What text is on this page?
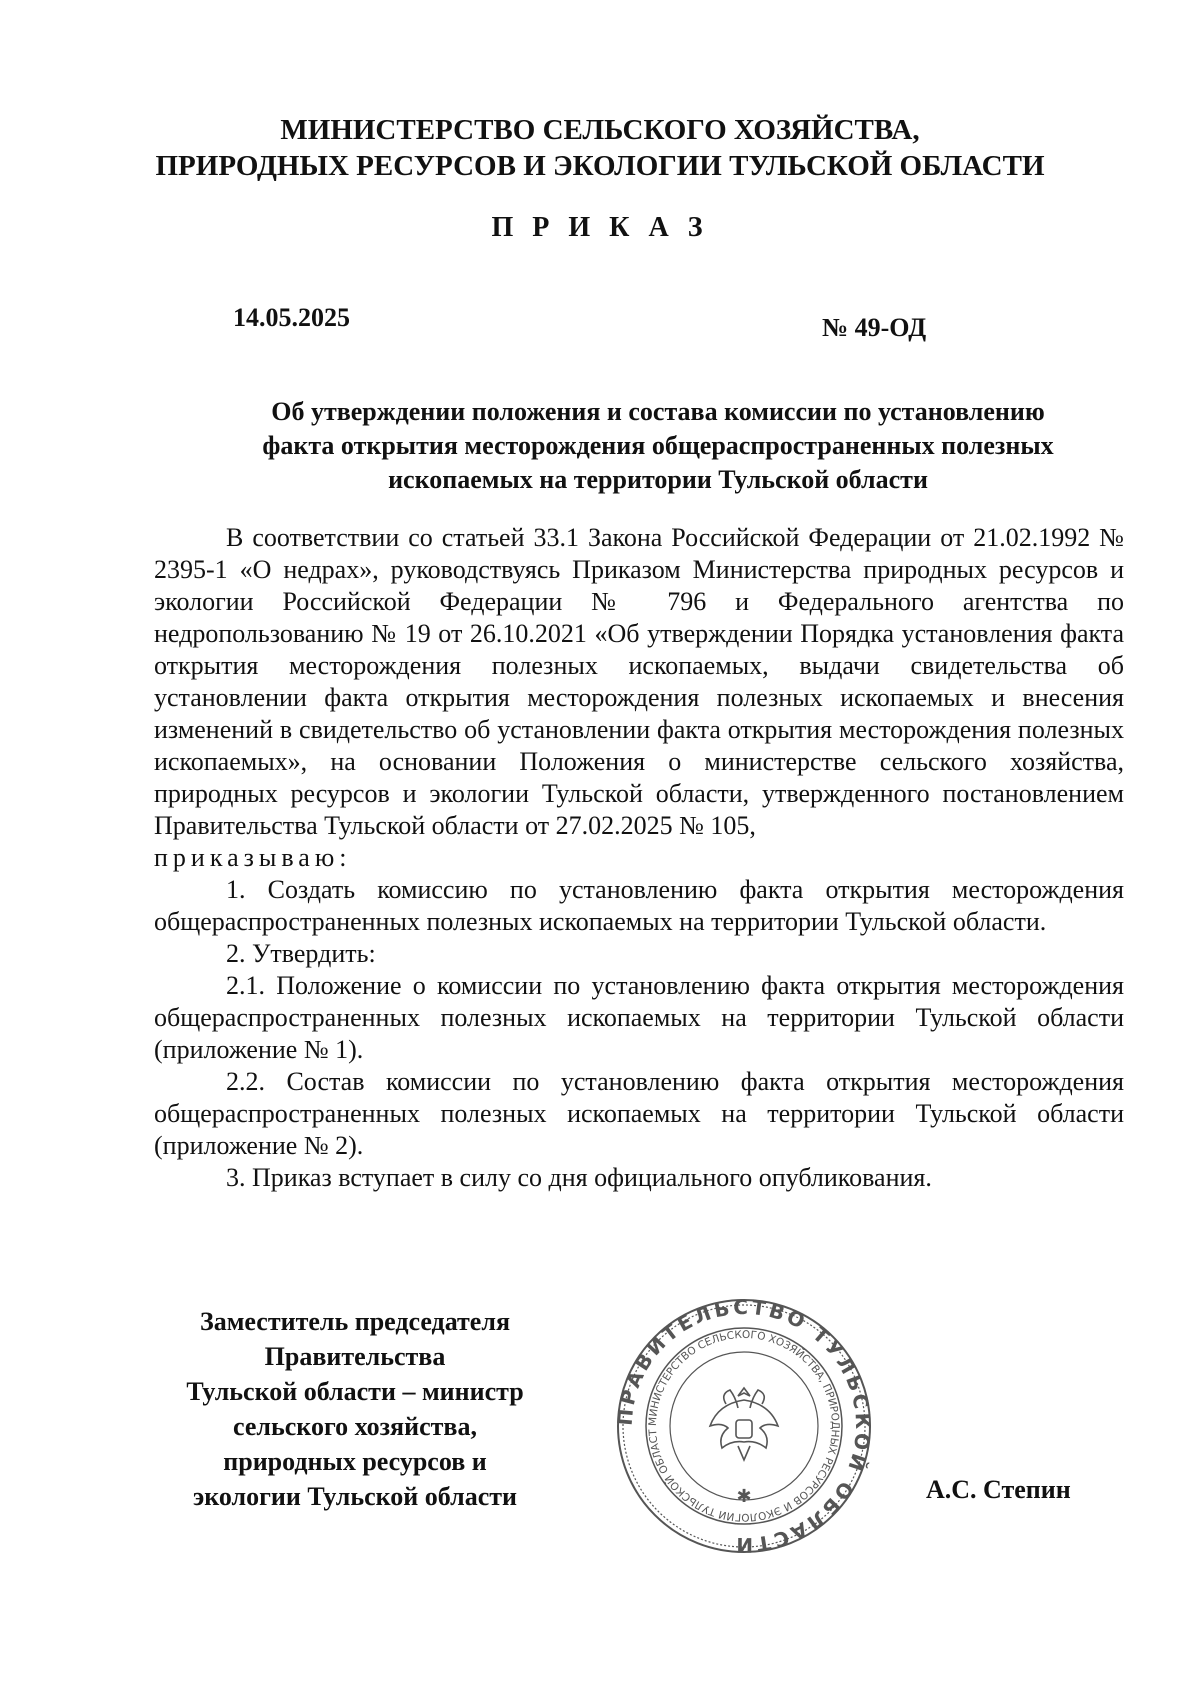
МИНИСТЕРСТВО СЕЛЬСКОГО ХОЗЯЙСТВА,
ПРИРОДНЫХ РЕСУРСОВ И ЭКОЛОГИИ ТУЛЬСКОЙ ОБЛАСТИ
П Р И К А З
14.05.2025	№ 49-ОД
Об утверждении положения и состава комиссии по установлению
факта открытия месторождения общераспространенных полезных
ископаемых на территории Тульской области

В соответствии со статьей 33.1 Закона Российской Федерации от 21.02.1992 № 2395-1 «О недрах», руководствуясь Приказом Министерства природных ресурсов и экологии Российской Федерации № 796 и Федерального агентства по недропользованию № 19 от 26.10.2021 «Об утверждении Порядка установления факта открытия месторождения полезных ископаемых, выдачи свидетельства об установлении факта открытия месторождения полезных ископаемых и внесения изменений в свидетельство об установлении факта открытия месторождения полезных ископаемых», на основании Положения о министерстве сельского хозяйства, природных ресурсов и экологии Тульской области, утвержденного постановлением Правительства Тульской области от 27.02.2025 № 105,

приказываю:

1. Создать комиссию по установлению факта открытия месторождения общераспространенных полезных ископаемых на территории Тульской области.

2. Утвердить:

2.1. Положение о комиссии по установлению факта открытия месторождения общераспространенных полезных ископаемых на территории Тульской области (приложение № 1).

2.2. Состав комиссии по установлению факта открытия месторождения общераспространенных полезных ископаемых на территории Тульской области (приложение № 2).

3. Приказ вступает в силу со дня официального опубликования.

Заместитель председателя
Правительства
Тульской области – министр
сельского хозяйства,
природных ресурсов и
экологии Тульской области
ПРАВИТЕЛЬСТВО ТУЛЬСКОЙ ОБЛАСТИ
МИНИСТЕРСТВО СЕЛЬСКОГО ХОЗЯЙСТВА, ПРИРОДНЫХ РЕСУРСОВ И ЭКОЛОГИИ ТУЛЬСКОЙ ОБЛАСТ
✱	А.С. Степин
